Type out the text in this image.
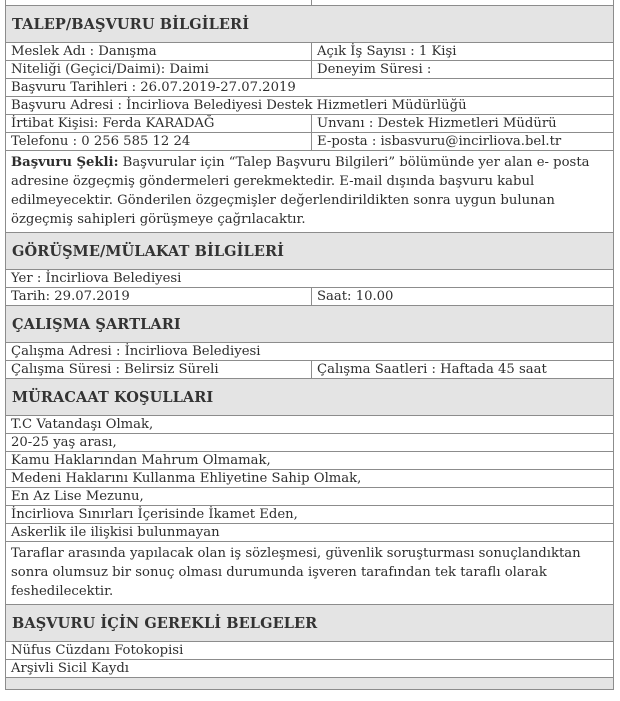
TALEP/BAŞVURU BİLGİLERİ
Meslek Adı : Danışma	Açık İş Sayısı : 1 Kişi
Niteliği (Geçici/Daimi): Daimi	Deneyim Süresi :
Başvuru Tarihleri : 26.07.2019-27.07.2019
Başvuru Adresi : İncirliova Belediyesi Destek Hizmetleri Müdürlüğü
İrtibat Kişisi: Ferda KARADAĞ	Unvanı : Destek Hizmetleri Müdürü
Telefonu : 0 256 585 12 24	E-posta : isbasvuru@incirliova.bel.tr
Başvuru Şekli: Başvurular için “Talep Başvuru Bilgileri” bölümünde yer alan e- posta adresine özgeçmiş göndermeleri gerekmektedir. E-mail dışında başvuru kabul edilmeyecektir. Gönderilen özgeçmişler değerlendirildikten sonra uygun bulunan özgeçmiş sahipleri görüşmeye çağrılacaktır.
GÖRÜŞME/MÜLAKAT BİLGİLERİ
Yer : İncirliova Belediyesi
Tarih: 29.07.2019	Saat: 10.00
ÇALIŞMA ŞARTLARI
Çalışma Adresi : İncirliova Belediyesi
Çalışma Süresi : Belirsiz Süreli	Çalışma Saatleri : Haftada 45 saat
MÜRACAAT KOŞULLARI
T.C Vatandaşı Olmak,
20-25 yaş arası,
Kamu Haklarından Mahrum Olmamak,
Medeni Haklarını Kullanma Ehliyetine Sahip Olmak,
En Az Lise Mezunu,
İncirliova Sınırları İçerisinde İkamet Eden,
Askerlik ile ilişkisi bulunmayan
Taraflar arasında yapılacak olan iş sözleşmesi, güvenlik soruşturması sonuçlandıktan sonra olumsuz bir sonuç olması durumunda işveren tarafından tek taraflı olarak feshedilecektir.
BAŞVURU İÇİN GEREKLİ BELGELER
Nüfus Cüzdanı Fotokopisi
Arşivli Sicil Kaydı
